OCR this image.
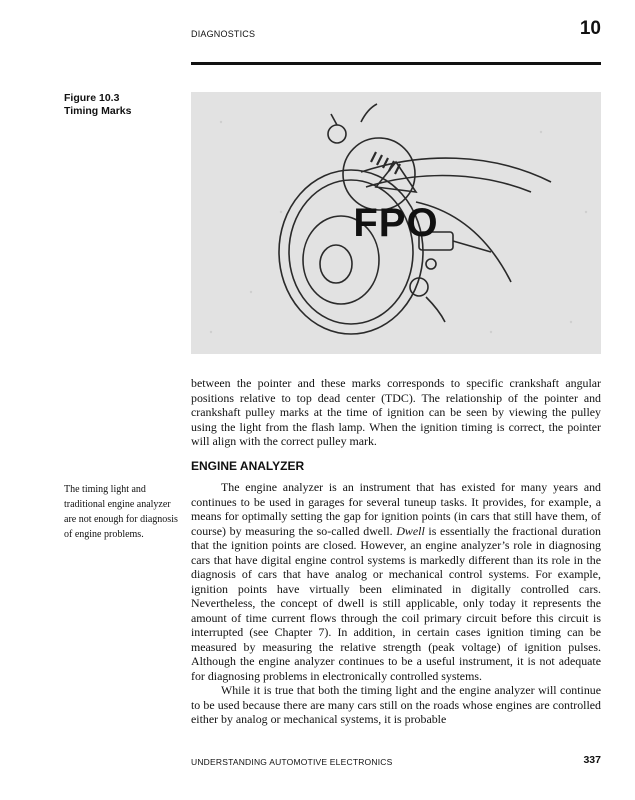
DIAGNOSTICS	10
Figure 10.3
Timing Marks
FPO

between the pointer and these marks corresponds to specific crankshaft angular positions relative to top dead center (TDC). The relationship of the pointer and crankshaft pulley marks at the time of ignition can be seen by viewing the pulley using the light from the flash lamp. When the ignition timing is correct, the pointer will align with the correct pulley mark.

ENGINE ANALYZER
The timing light and traditional engine analyzer are not enough for diagnosis of engine problems.

The engine analyzer is an instrument that has existed for many years and continues to be used in garages for several tuneup tasks. It provides, for example, a means for optimally setting the gap for ignition points (in cars that still have them, of course) by measuring the so-called dwell. Dwell is essentially the fractional duration that the ignition points are closed. However, an engine analyzer’s role in diagnosing cars that have digital engine control systems is markedly different than its role in the diagnosis of cars that have analog or mechanical control systems. For example, ignition points have virtually been eliminated in digitally controlled cars. Nevertheless, the concept of dwell is still applicable, only today it represents the amount of time current flows through the coil primary circuit before this circuit is interrupted (see Chapter 7). In addition, in certain cases ignition timing can be measured by measuring the relative strength (peak voltage) of ignition pulses. Although the engine analyzer continues to be a useful instrument, it is not adequate for diagnosing problems in electronically controlled systems.

While it is true that both the timing light and the engine analyzer will continue to be used because there are many cars still on the roads whose engines are controlled either by analog or mechanical systems, it is probable

UNDERSTANDING AUTOMOTIVE ELECTRONICS	337
